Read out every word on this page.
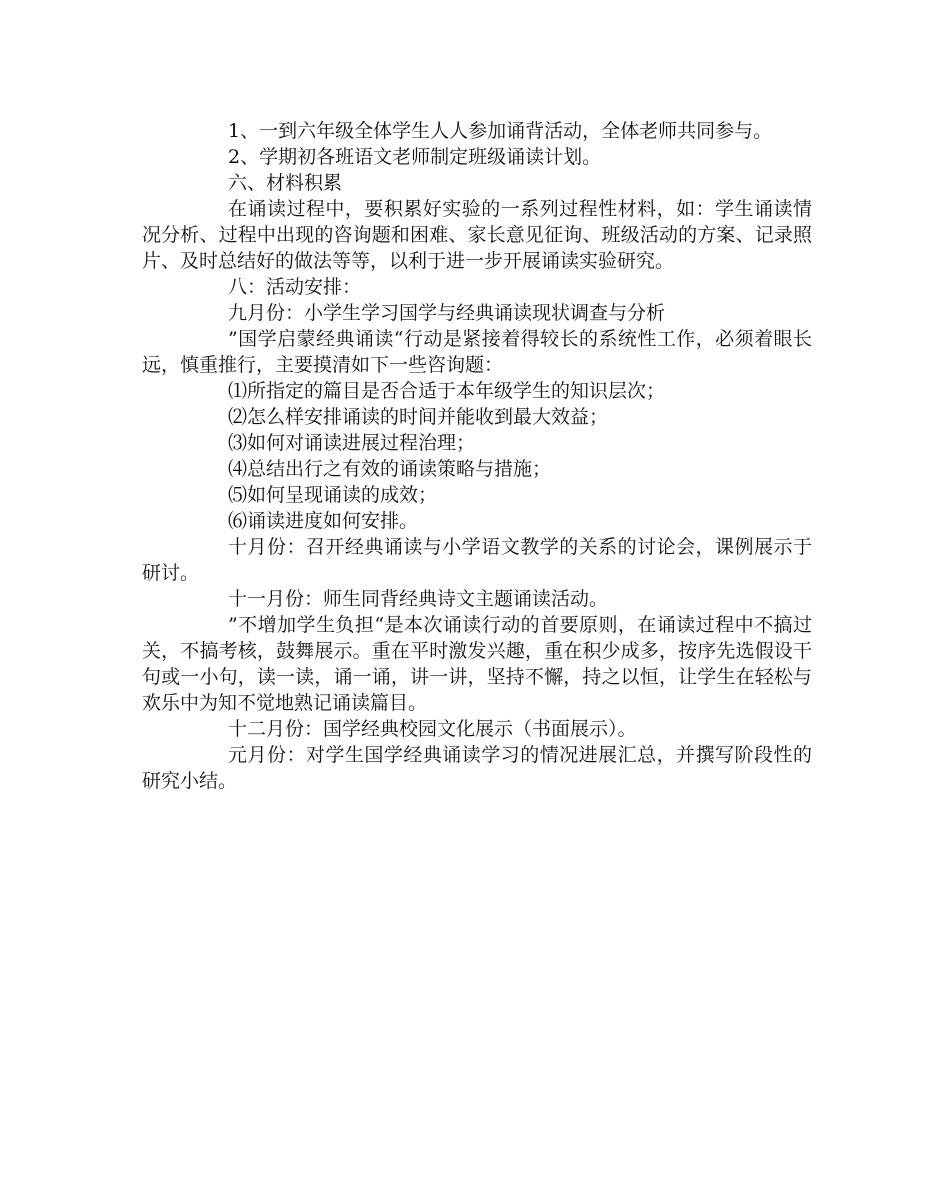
1、一到六年级全体学生人人参加诵背活动，全体老师共同参与。

2、学期初各班语文老师制定班级诵读计划。

六、材料积累

在诵读过程中，要积累好实验的一系列过程性材料，如：学生诵读情况分析、过程中出现的咨询题和困难、家长意见征询、班级活动的方案、记录照片、及时总结好的做法等等，以利于进一步开展诵读实验研究。

八：活动安排：

九月份：小学生学习国学与经典诵读现状调查与分析

”国学启蒙经典诵读“行动是紧接着得较长的系统性工作，必须着眼长远，慎重推行，主要摸清如下一些咨询题：

⑴所指定的篇目是否合适于本年级学生的知识层次；

⑵怎么样安排诵读的时间并能收到最大效益；

⑶如何对诵读进展过程治理；

⑷总结出行之有效的诵读策略与措施；

⑸如何呈现诵读的成效；

⑹诵读进度如何安排。

十月份：召开经典诵读与小学语文教学的关系的讨论会，课例展示于研讨。

十一月份：师生同背经典诗文主题诵读活动。

”不增加学生负担“是本次诵读行动的首要原则，在诵读过程中不搞过关，不搞考核，鼓舞展示。重在平时激发兴趣，重在积少成多，按序先选假设干句或一小句，读一读，诵一诵，讲一讲，坚持不懈，持之以恒，让学生在轻松与欢乐中为知不觉地熟记诵读篇目。

十二月份：国学经典校园文化展示（书面展示）。

元月份：对学生国学经典诵读学习的情况进展汇总，并撰写阶段性的研究小结。
